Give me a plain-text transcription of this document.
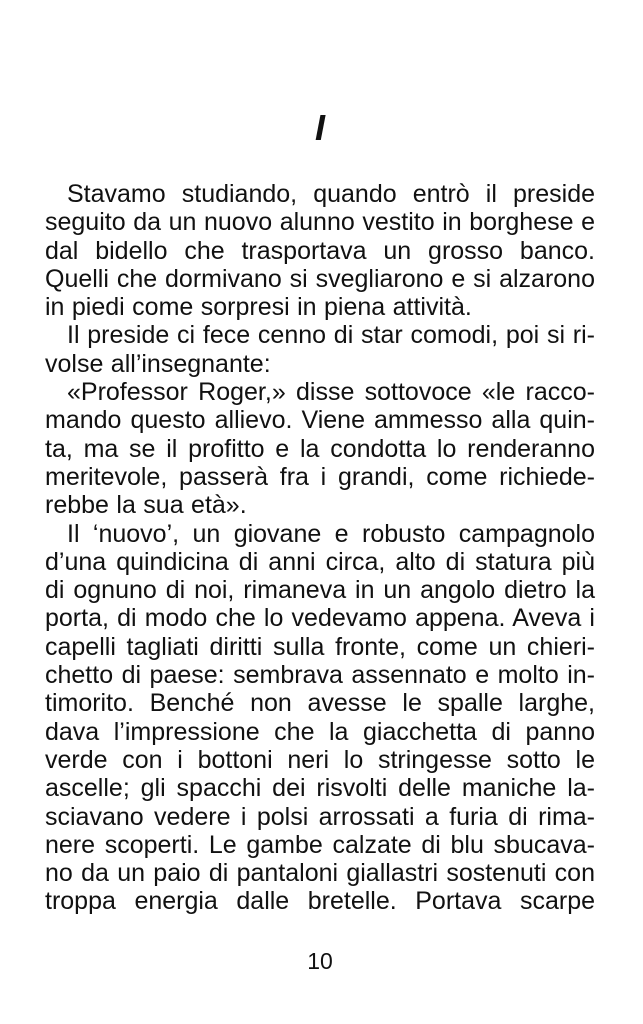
I
Stavamo studiando, quando entrò il preside
seguito da un nuovo alunno vestito in borghese e
dal bidello che trasportava un grosso banco.
Quelli che dormivano si svegliarono e si alzarono
in piedi come sorpresi in piena attività.
Il preside ci fece cenno di star comodi, poi si ri-
volse all’insegnante:
«Professor Roger,» disse sottovoce «le racco-
mando questo allievo. Viene ammesso alla quin-
ta, ma se il profitto e la condotta lo renderanno
meritevole, passerà fra i grandi, come richiede-
rebbe la sua età».
Il ‘nuovo’, un giovane e robusto campagnolo
d’una quindicina di anni circa, alto di statura più
di ognuno di noi, rimaneva in un angolo dietro la
porta, di modo che lo vedevamo appena. Aveva i
capelli tagliati diritti sulla fronte, come un chieri-
chetto di paese: sembrava assennato e molto in-
timorito. Benché non avesse le spalle larghe,
dava l’impressione che la giacchetta di panno
verde con i bottoni neri lo stringesse sotto le
ascelle; gli spacchi dei risvolti delle maniche la-
sciavano vedere i polsi arrossati a furia di rima-
nere scoperti. Le gambe calzate di blu sbucava-
no da un paio di pantaloni giallastri sostenuti con
troppa energia dalle bretelle. Portava scarpe
10
